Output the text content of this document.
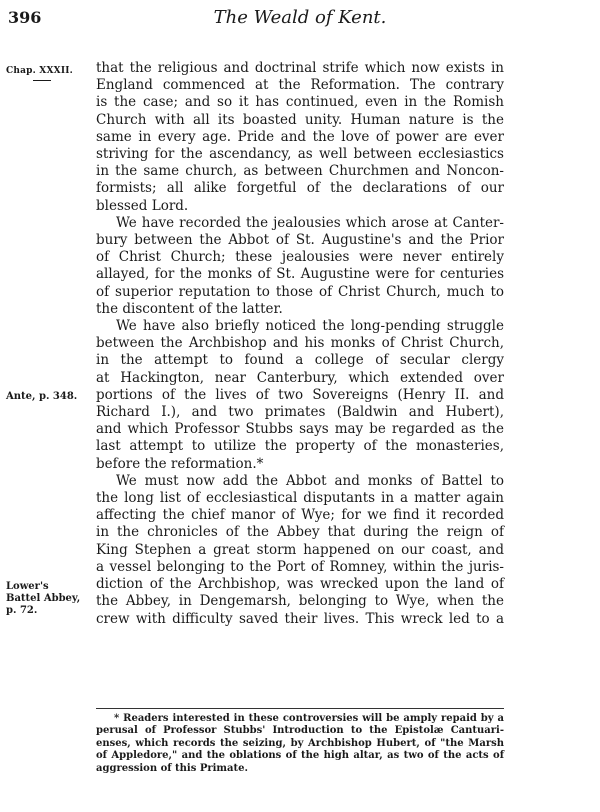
396	The Weald of Kent.
Chap. XXXII.
Ante, p. 348.
Lower's
Battel Abbey,
p. 72.
that the religious and doctrinal strife which now exists in
England commenced at the Reformation. The contrary
is the case; and so it has continued, even in the Romish
Church with all its boasted unity. Human nature is the
same in every age. Pride and the love of power are ever
striving for the ascendancy, as well between ecclesiastics
in the same church, as between Churchmen and Noncon-
formists; all alike forgetful of the declarations of our
blessed Lord.
We have recorded the jealousies which arose at Canter-
bury between the Abbot of St. Augustine's and the Prior
of Christ Church; these jealousies were never entirely
allayed, for the monks of St. Augustine were for centuries
of superior reputation to those of Christ Church, much to
the discontent of the latter.
We have also briefly noticed the long-pending struggle
between the Archbishop and his monks of Christ Church,
in the attempt to found a college of secular clergy
at Hackington, near Canterbury, which extended over
portions of the lives of two Sovereigns (Henry II. and
Richard I.), and two primates (Baldwin and Hubert),
and which Professor Stubbs says may be regarded as the
last attempt to utilize the property of the monasteries,
before the reformation.*
We must now add the Abbot and monks of Battel to
the long list of ecclesiastical disputants in a matter again
affecting the chief manor of Wye; for we find it recorded
in the chronicles of the Abbey that during the reign of
King Stephen a great storm happened on our coast, and
a vessel belonging to the Port of Romney, within the juris-
diction of the Archbishop, was wrecked upon the land of
the Abbey, in Dengemarsh, belonging to Wye, when the
crew with difficulty saved their lives. This wreck led to a
* Readers interested in these controversies will be amply repaid by a
perusal of Professor Stubbs' Introduction to the Epistolæ Cantuari-
enses, which records the seizing, by Archbishop Hubert, of "the Marsh
of Appledore," and the oblations of the high altar, as two of the acts of
aggression of this Primate.
